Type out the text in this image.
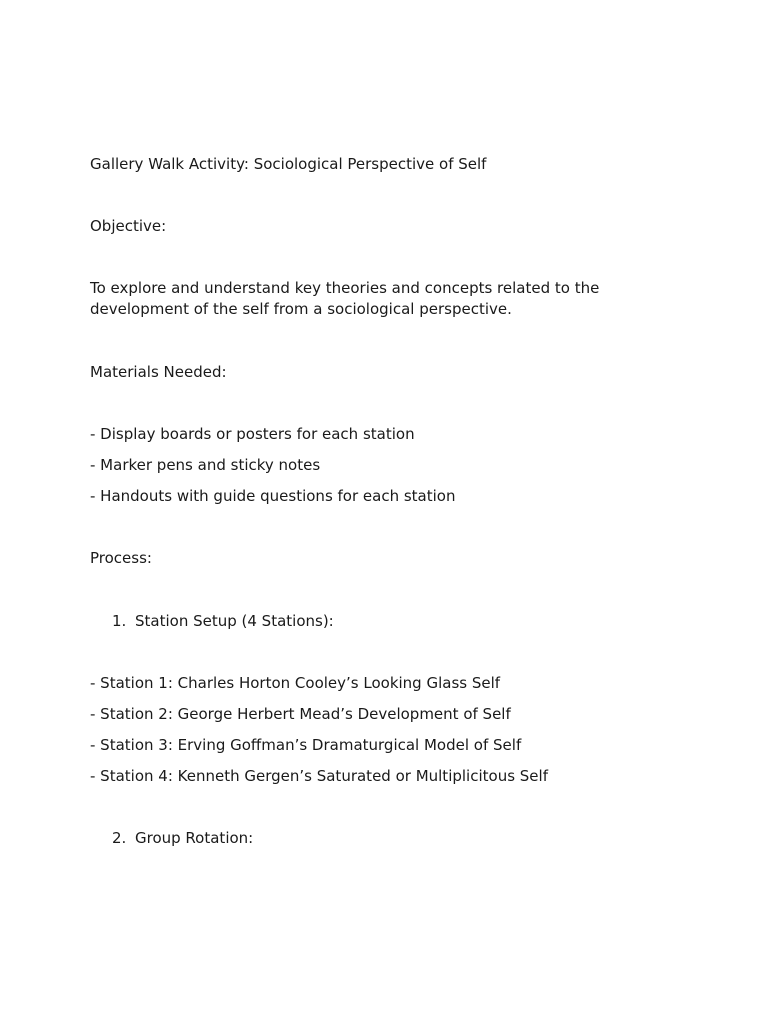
Gallery Walk Activity: Sociological Perspective of Self
Objective:
To explore and understand key theories and concepts related to the development of the self from a sociological perspective.
Materials Needed:
- Display boards or posters for each station
- Marker pens and sticky notes
- Handouts with guide questions for each station
Process:
1. Station Setup (4 Stations):
- Station 1: Charles Horton Cooley’s Looking Glass Self
- Station 2: George Herbert Mead’s Development of Self
- Station 3: Erving Goffman’s Dramaturgical Model of Self
- Station 4: Kenneth Gergen’s Saturated or Multiplicitous Self
2. Group Rotation:
